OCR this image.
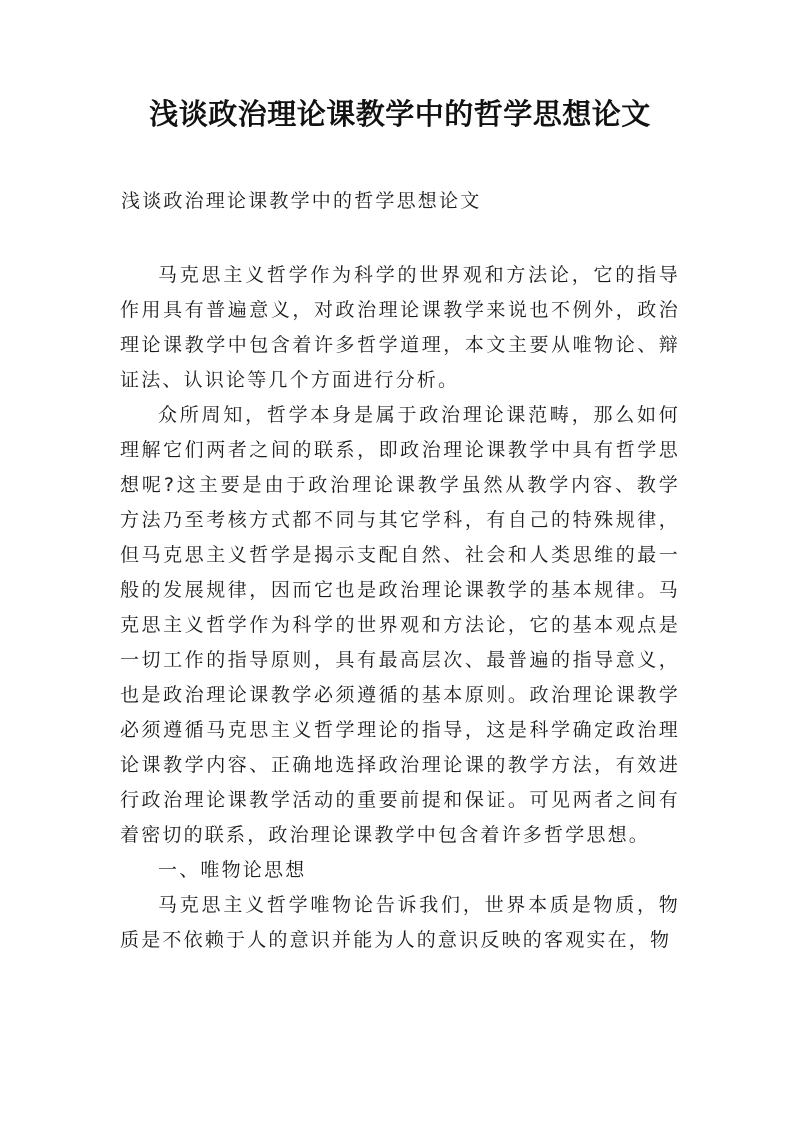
浅谈政治理论课教学中的哲学思想论文
浅谈政治理论课教学中的哲学思想论文

马克思主义哲学作为科学的世界观和方法论，它的指导作用具有普遍意义，对政治理论课教学来说也不例外，政治理论课教学中包含着许多哲学道理，本文主要从唯物论、辩证法、认识论等几个方面进行分析。

众所周知，哲学本身是属于政治理论课范畴，那么如何理解它们两者之间的联系，即政治理论课教学中具有哲学思想呢?这主要是由于政治理论课教学虽然从教学内容、教学方法乃至考核方式都不同与其它学科，有自己的特殊规律，但马克思主义哲学是揭示支配自然、社会和人类思维的最一般的发展规律，因而它也是政治理论课教学的基本规律。马克思主义哲学作为科学的世界观和方法论，它的基本观点是一切工作的指导原则，具有最高层次、最普遍的指导意义，也是政治理论课教学必须遵循的基本原则。政治理论课教学必须遵循马克思主义哲学理论的指导，这是科学确定政治理论课教学内容、正确地选择政治理论课的教学方法，有效进行政治理论课教学活动的重要前提和保证。可见两者之间有着密切的联系，政治理论课教学中包含着许多哲学思想。

一、唯物论思想

马克思主义哲学唯物论告诉我们，世界本质是物质，物质是不依赖于人的意识并能为人的意识反映的客观实在，物
